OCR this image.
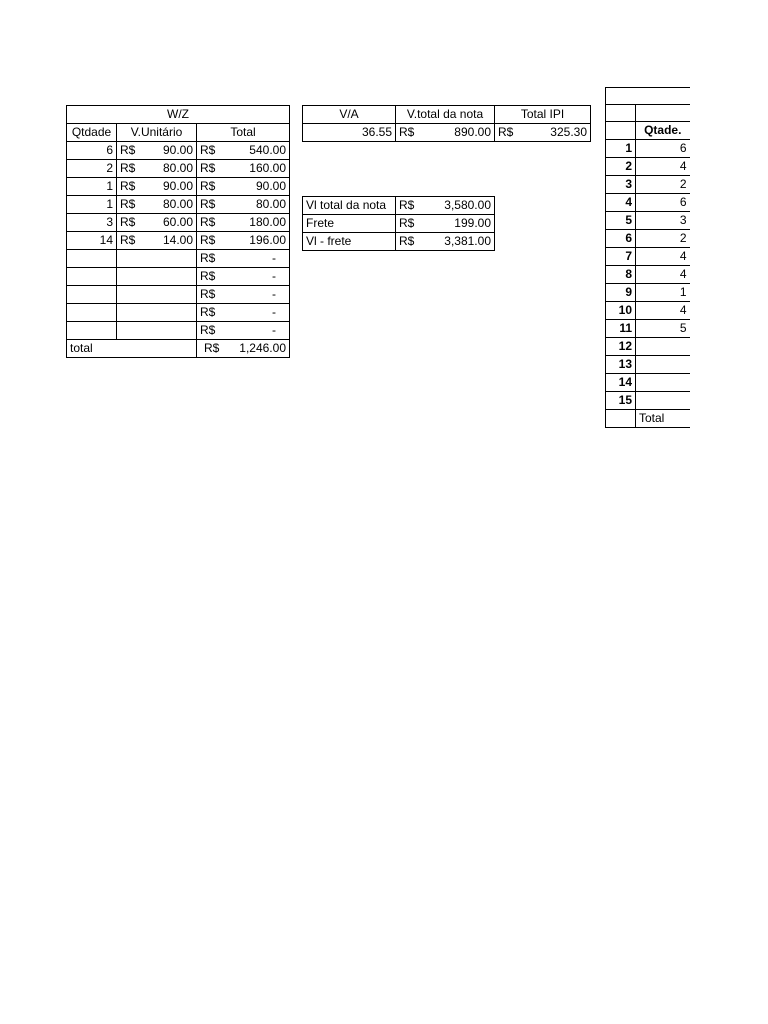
W/Z		
Qtdade	V.Unitário	Total
6	R$ 90.00	R$ 540.00

2	R$ 80.00	R$ 160.00

1	R$ 90.00	R$ 90.00

1	R$ 80.00	R$ 80.00

3	R$ 60.00	R$ 180.00

14	R$ 14.00	R$ 196.00

		R$ -

		R$ -

		R$ -

		R$ -

		R$ -

total		R$ 1,246.00
V/A	V.total da nota	Total IPI
36.55	R$ 890.00	R$ 325.30
Vl total da nota	R$ 3,580.00

Frete	R$ 199.00

Vl - frete	R$ 3,381.00

	Qtade.
1	6
2	4
3	2
4	6
5	3
6	2
7	4
8	4
9	1
10	4
11	5
12	
13	
14	
15	
	Total
